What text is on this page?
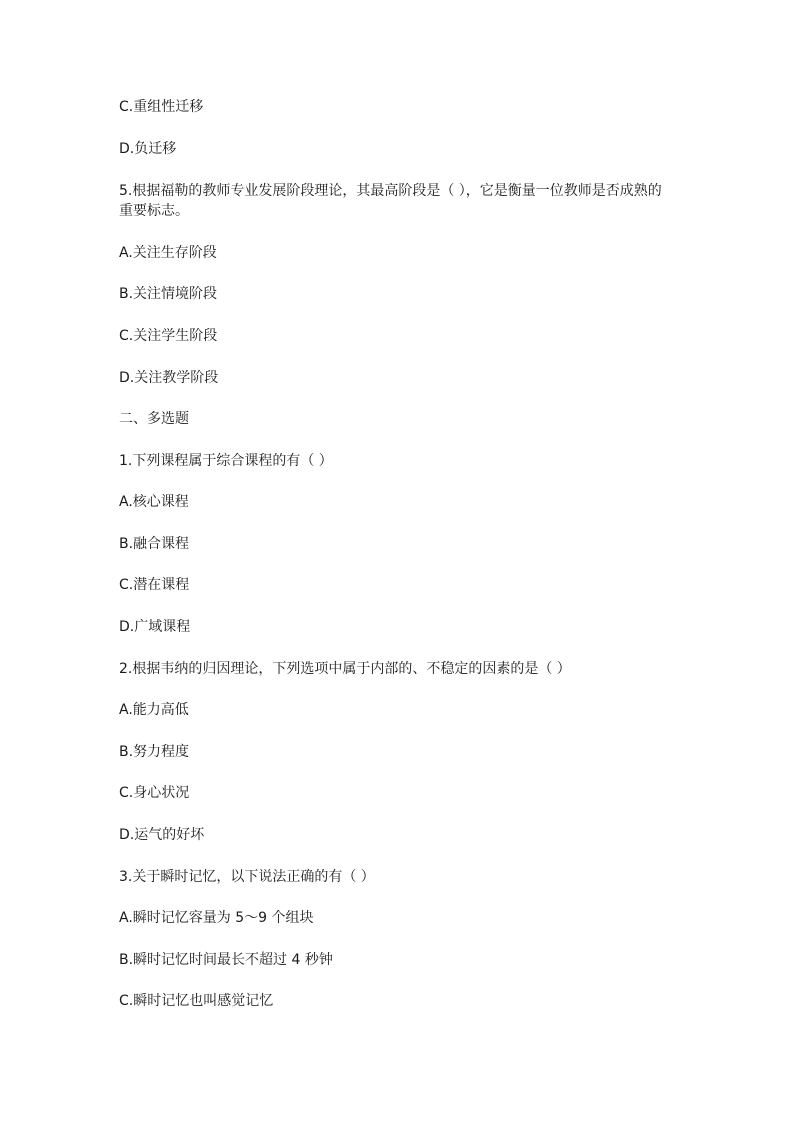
C.重组性迁移
D.负迁移
5.根据福勒的教师专业发展阶段理论，其最高阶段是（ ），它是衡量一位教师是否成熟的重要标志。
A.关注生存阶段
B.关注情境阶段
C.关注学生阶段
D.关注教学阶段
二、多选题
1.下列课程属于综合课程的有（ ）
A.核心课程
B.融合课程
C.潜在课程
D.广域课程
2.根据韦纳的归因理论，下列选项中属于内部的、不稳定的因素的是（ ）
A.能力高低
B.努力程度
C.身心状况
D.运气的好坏
3.关于瞬时记忆，以下说法正确的有（ ）
A.瞬时记忆容量为 5～9 个组块
B.瞬时记忆时间最长不超过 4 秒钟
C.瞬时记忆也叫感觉记忆
